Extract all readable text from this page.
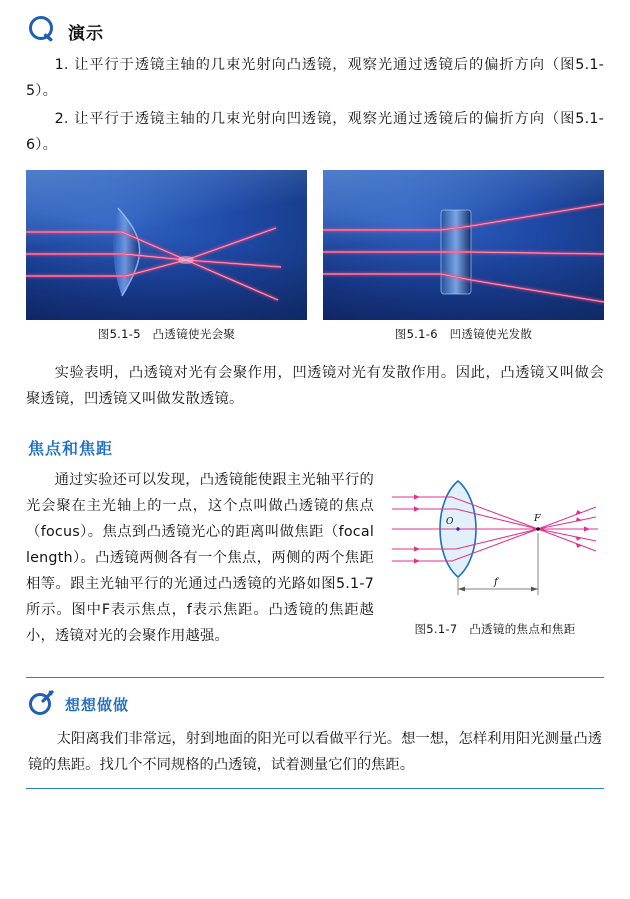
演示

1. 让平行于透镜主轴的几束光射向凸透镜，观察光通过透镜后的偏折方向（图5.1-5）。

2. 让平行于透镜主轴的几束光射向凹透镜，观察光通过透镜后的偏折方向（图5.1-6）。

图5.1-5　凸透镜使光会聚	图5.1-6　凹透镜使光发散

实验表明，凸透镜对光有会聚作用，凹透镜对光有发散作用。因此，凸透镜又叫做会聚透镜，凹透镜又叫做发散透镜。

焦点和焦距

通过实验还可以发现，凸透镜能使跟主光轴平行的光会聚在主光轴上的一点，这个点叫做凸透镜的焦点（focus）。焦点到凸透镜光心的距离叫做焦距（focal length）。凸透镜两侧各有一个焦点，两侧的两个焦距相等。跟主光轴平行的光通过凸透镜的光路如图5.1-7所示。图中F表示焦点，f表示焦距。凸透镜的焦距越小，透镜对光的会聚作用越强。

O	F
f
图5.1-7　凸透镜的焦点和焦距
想想做做
太阳离我们非常远，射到地面的阳光可以看做平行光。想一想，怎样利用阳光测量凸透镜的焦距。找几个不同规格的凸透镜，试着测量它们的焦距。
